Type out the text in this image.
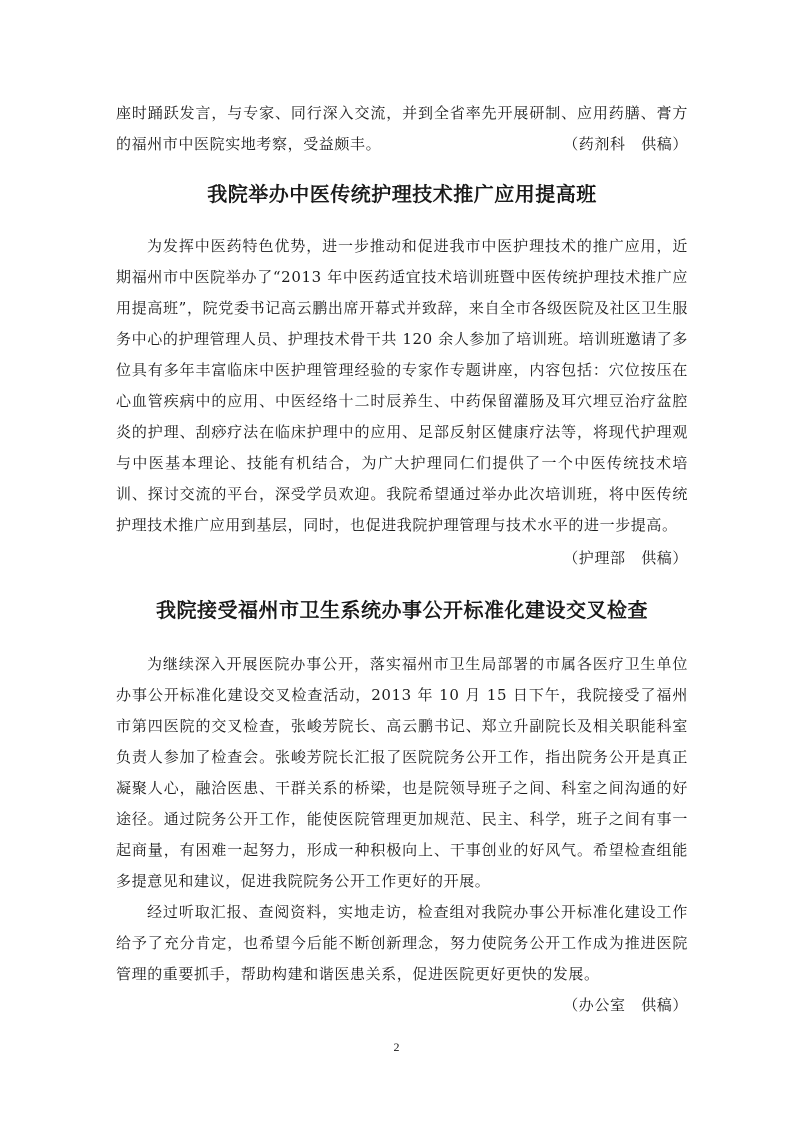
座时踊跃发言，与专家、同行深入交流，并到全省率先开展研制、应用药膳、膏方的福州市中医院实地考察，受益颇丰。	（药剂科　供稿）
我院举办中医传统护理技术推广应用提高班

为发挥中医药特色优势，进一步推动和促进我市中医护理技术的推广应用，近期福州市中医院举办了“2013 年中医药适宜技术培训班暨中医传统护理技术推广应用提高班”，院党委书记高云鹏出席开幕式并致辞，来自全市各级医院及社区卫生服务中心的护理管理人员、护理技术骨干共 120 余人参加了培训班。培训班邀请了多位具有多年丰富临床中医护理管理经验的专家作专题讲座，内容包括：穴位按压在心血管疾病中的应用、中医经络十二时辰养生、中药保留灌肠及耳穴埋豆治疗盆腔炎的护理、刮痧疗法在临床护理中的应用、足部反射区健康疗法等，将现代护理观与中医基本理论、技能有机结合，为广大护理同仁们提供了一个中医传统技术培训、探讨交流的平台，深受学员欢迎。我院希望通过举办此次培训班，将中医传统护理技术推广应用到基层，同时，也促进我院护理管理与技术水平的进一步提高。

（护理部　供稿）

我院接受福州市卫生系统办事公开标准化建设交叉检查

为继续深入开展医院办事公开，落实福州市卫生局部署的市属各医疗卫生单位办事公开标准化建设交叉检查活动，2013 年 10 月 15 日下午，我院接受了福州市第四医院的交叉检查，张峻芳院长、高云鹏书记、郑立升副院长及相关职能科室负责人参加了检查会。张峻芳院长汇报了医院院务公开工作，指出院务公开是真正凝聚人心，融洽医患、干群关系的桥梁，也是院领导班子之间、科室之间沟通的好途径。通过院务公开工作，能使医院管理更加规范、民主、科学，班子之间有事一起商量，有困难一起努力，形成一种积极向上、干事创业的好风气。希望检查组能多提意见和建议，促进我院院务公开工作更好的开展。

经过听取汇报、查阅资料，实地走访，检查组对我院办事公开标准化建设工作给予了充分肯定，也希望今后能不断创新理念，努力使院务公开工作成为推进医院管理的重要抓手，帮助构建和谐医患关系，促进医院更好更快的发展。

（办公室　供稿）

2
